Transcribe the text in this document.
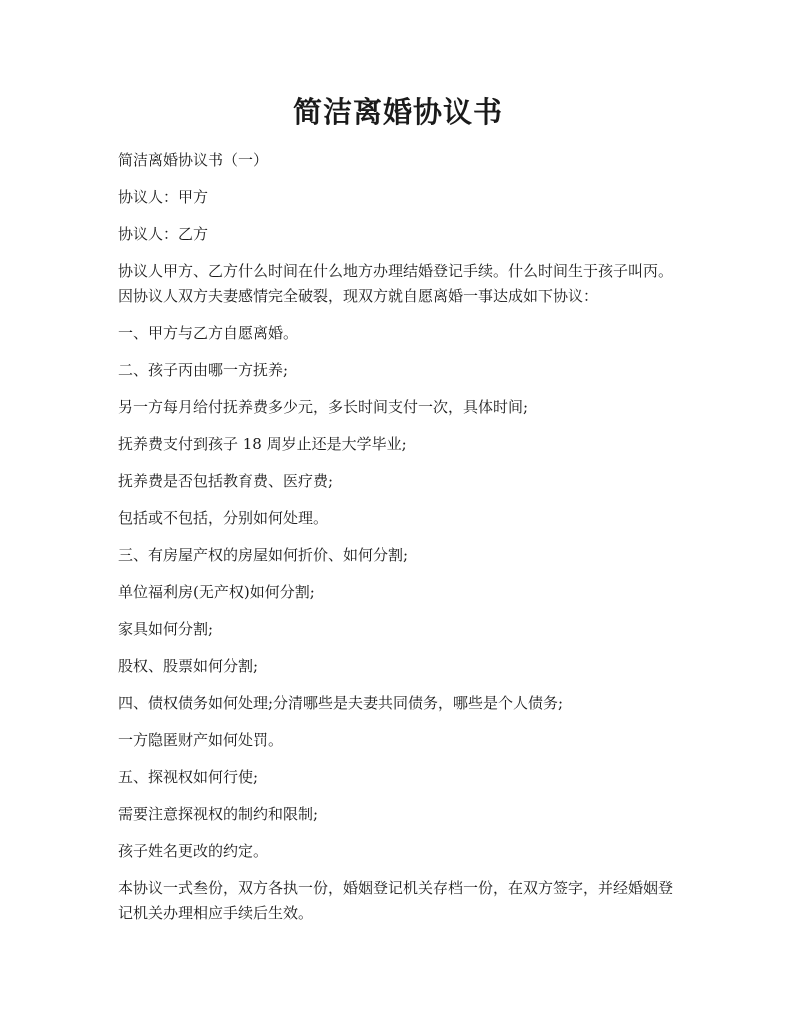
简洁离婚协议书

简洁离婚协议书（一）

协议人：甲方

协议人：乙方

协议人甲方、乙方什么时间在什么地方办理结婚登记手续。什么时间生于孩子叫丙。因协议人双方夫妻感情完全破裂，现双方就自愿离婚一事达成如下协议：

一、甲方与乙方自愿离婚。

二、孩子丙由哪一方抚养;

另一方每月给付抚养费多少元，多长时间支付一次，具体时间;

抚养费支付到孩子 18 周岁止还是大学毕业;

抚养费是否包括教育费、医疗费;

包括或不包括，分别如何处理。

三、有房屋产权的房屋如何折价、如何分割;

单位福利房(无产权)如何分割;

家具如何分割;

股权、股票如何分割;

四、债权债务如何处理;分清哪些是夫妻共同债务，哪些是个人债务;

一方隐匿财产如何处罚。

五、探视权如何行使;

需要注意探视权的制约和限制;

孩子姓名更改的约定。

本协议一式叁份，双方各执一份，婚姻登记机关存档一份，在双方签字，并经婚姻登记机关办理相应手续后生效。
